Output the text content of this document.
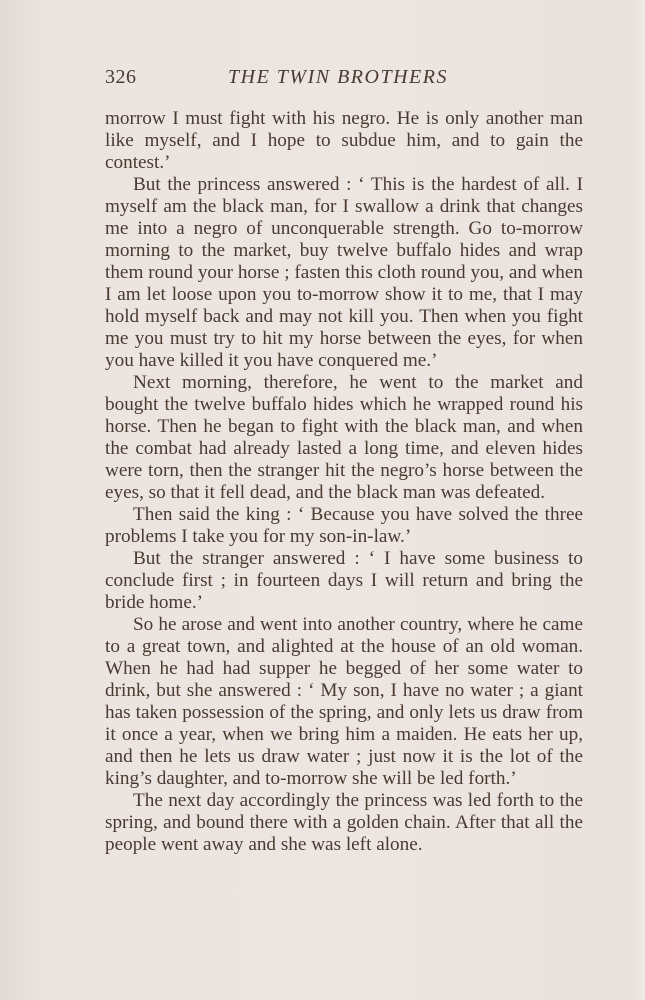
326	THE TWIN BROTHERS

morrow I must fight with his negro. He is only another man like myself, and I hope to subdue him, and to gain the contest.’

But the princess answered : ‘ This is the hardest of all. I myself am the black man, for I swallow a drink that changes me into a negro of unconquerable strength. Go to-morrow morning to the market, buy twelve buffalo hides and wrap them round your horse ; fasten this cloth round you, and when I am let loose upon you to-morrow show it to me, that I may hold myself back and may not kill you. Then when you fight me you must try to hit my horse between the eyes, for when you have killed it you have conquered me.’

Next morning, therefore, he went to the market and bought the twelve buffalo hides which he wrapped round his horse. Then he began to fight with the black man, and when the combat had already lasted a long time, and eleven hides were torn, then the stranger hit the negro’s horse between the eyes, so that it fell dead, and the black man was defeated.

Then said the king : ‘ Because you have solved the three problems I take you for my son-in-law.’

But the stranger answered : ‘ I have some business to conclude first ; in fourteen days I will return and bring the bride home.’

So he arose and went into another country, where he came to a great town, and alighted at the house of an old woman. When he had had supper he begged of her some water to drink, but she answered : ‘ My son, I have no water ; a giant has taken possession of the spring, and only lets us draw from it once a year, when we bring him a maiden. He eats her up, and then he lets us draw water ; just now it is the lot of the king’s daughter, and to-morrow she will be led forth.’

The next day accordingly the princess was led forth to the spring, and bound there with a golden chain. After that all the people went away and she was left alone.
